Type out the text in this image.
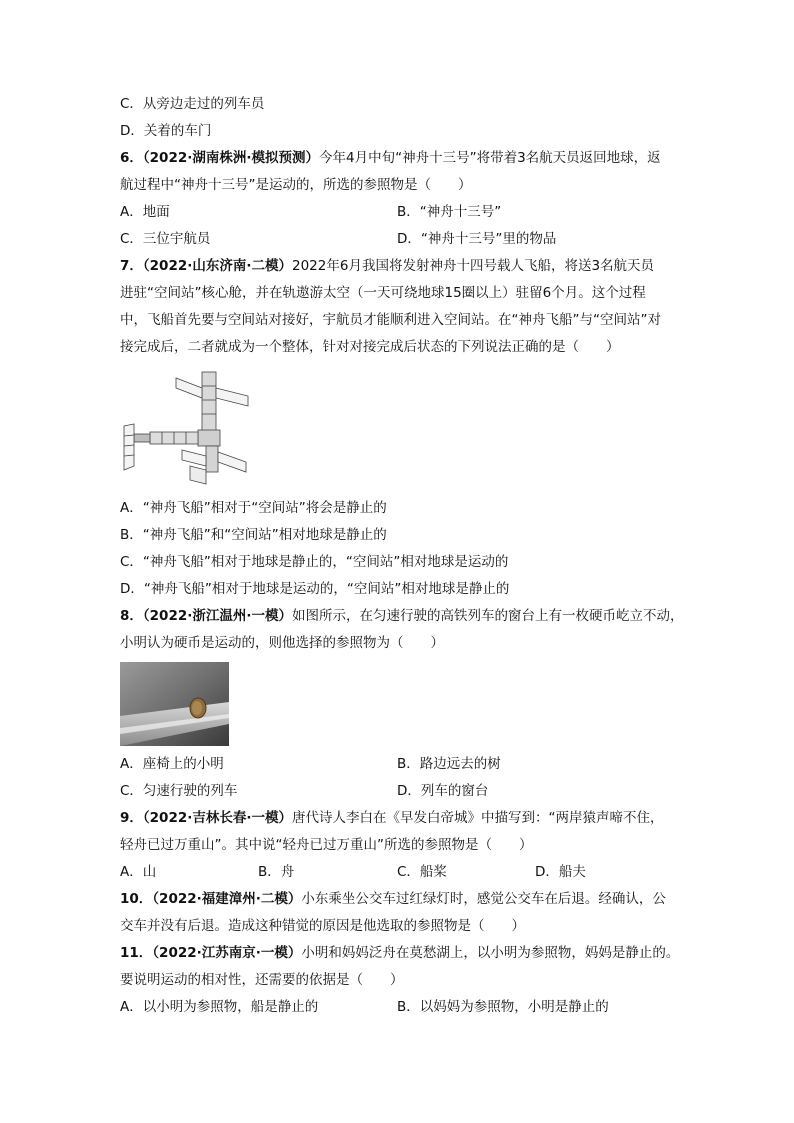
C．从旁边走过的列车员
D．关着的车门
6．（2022·湖南株洲·模拟预测）今年4月中旬“神舟十三号”将带着3名航天员返回地球，返
航过程中“神舟十三号”是运动的，所选的参照物是（　　）
A．地面	B．“神舟十三号”
C．三位宇航员	D．“神舟十三号”里的物品
7．（2022·山东济南·二模）2022年6月我国将发射神舟十四号载人飞船，将送3名航天员
进驻“空间站”核心舱，并在轨遨游太空（一天可绕地球15圈以上）驻留6个月。这个过程
中，飞船首先要与空间站对接好，宇航员才能顺利进入空间站。在“神舟飞船”与“空间站”对
接完成后，二者就成为一个整体，针对对接完成后状态的下列说法正确的是（　　）
A．“神舟飞船”相对于“空间站”将会是静止的
B．“神舟飞船”和“空间站”相对地球是静止的
C．“神舟飞船”相对于地球是静止的，“空间站”相对地球是运动的
D．“神舟飞船”相对于地球是运动的，“空间站”相对地球是静止的
8．（2022·浙江温州·一模）如图所示，在匀速行驶的高铁列车的窗台上有一枚硬币屹立不动，
小明认为硬币是运动的，则他选择的参照物为（　　）
A．座椅上的小明	B．路边远去的树
C．匀速行驶的列车	D．列车的窗台
9．（2022·吉林长春·一模）唐代诗人李白在《早发白帝城》中描写到：“两岸猿声啼不住，
轻舟已过万重山”。其中说“轻舟已过万重山”所选的参照物是（　　）
A．山	B．舟	C．船桨	D．船夫
10．（2022·福建漳州·二模）小东乘坐公交车过红绿灯时，感觉公交车在后退。经确认，公
交车并没有后退。造成这种错觉的原因是他选取的参照物是（　　）
11．（2022·江苏南京·一模）小明和妈妈泛舟在莫愁湖上，以小明为参照物，妈妈是静止的。
要说明运动的相对性，还需要的依据是（　　）
A．以小明为参照物，船是静止的	B．以妈妈为参照物，小明是静止的
